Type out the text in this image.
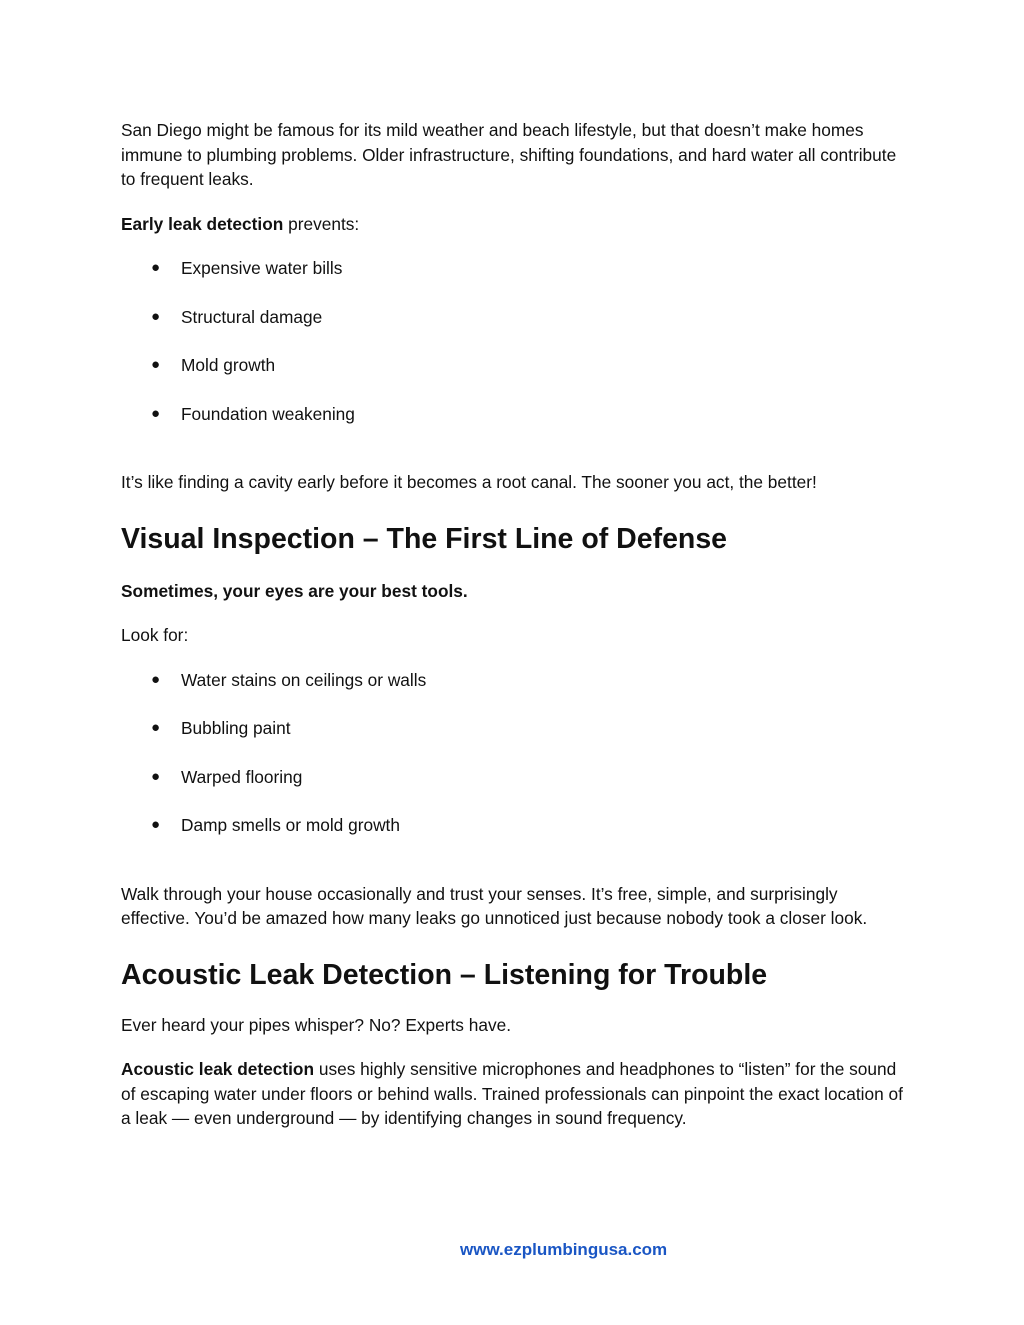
San Diego might be famous for its mild weather and beach lifestyle, but that doesn’t make homes immune to plumbing problems. Older infrastructure, shifting foundations, and hard water all contribute to frequent leaks.

Early leak detection prevents:

● Expensive water bills
● Structural damage
● Mold growth
● Foundation weakening

It’s like finding a cavity early before it becomes a root canal. The sooner you act, the better!

Visual Inspection – The First Line of Defense

Sometimes, your eyes are your best tools.

Look for:

● Water stains on ceilings or walls
● Bubbling paint
● Warped flooring
● Damp smells or mold growth

Walk through your house occasionally and trust your senses. It’s free, simple, and surprisingly effective. You’d be amazed how many leaks go unnoticed just because nobody took a closer look.

Acoustic Leak Detection – Listening for Trouble

Ever heard your pipes whisper? No? Experts have.

Acoustic leak detection uses highly sensitive microphones and headphones to “listen” for the sound of escaping water under floors or behind walls. Trained professionals can pinpoint the exact location of a leak — even underground — by identifying changes in sound frequency.

www.ezplumbingusa.com
